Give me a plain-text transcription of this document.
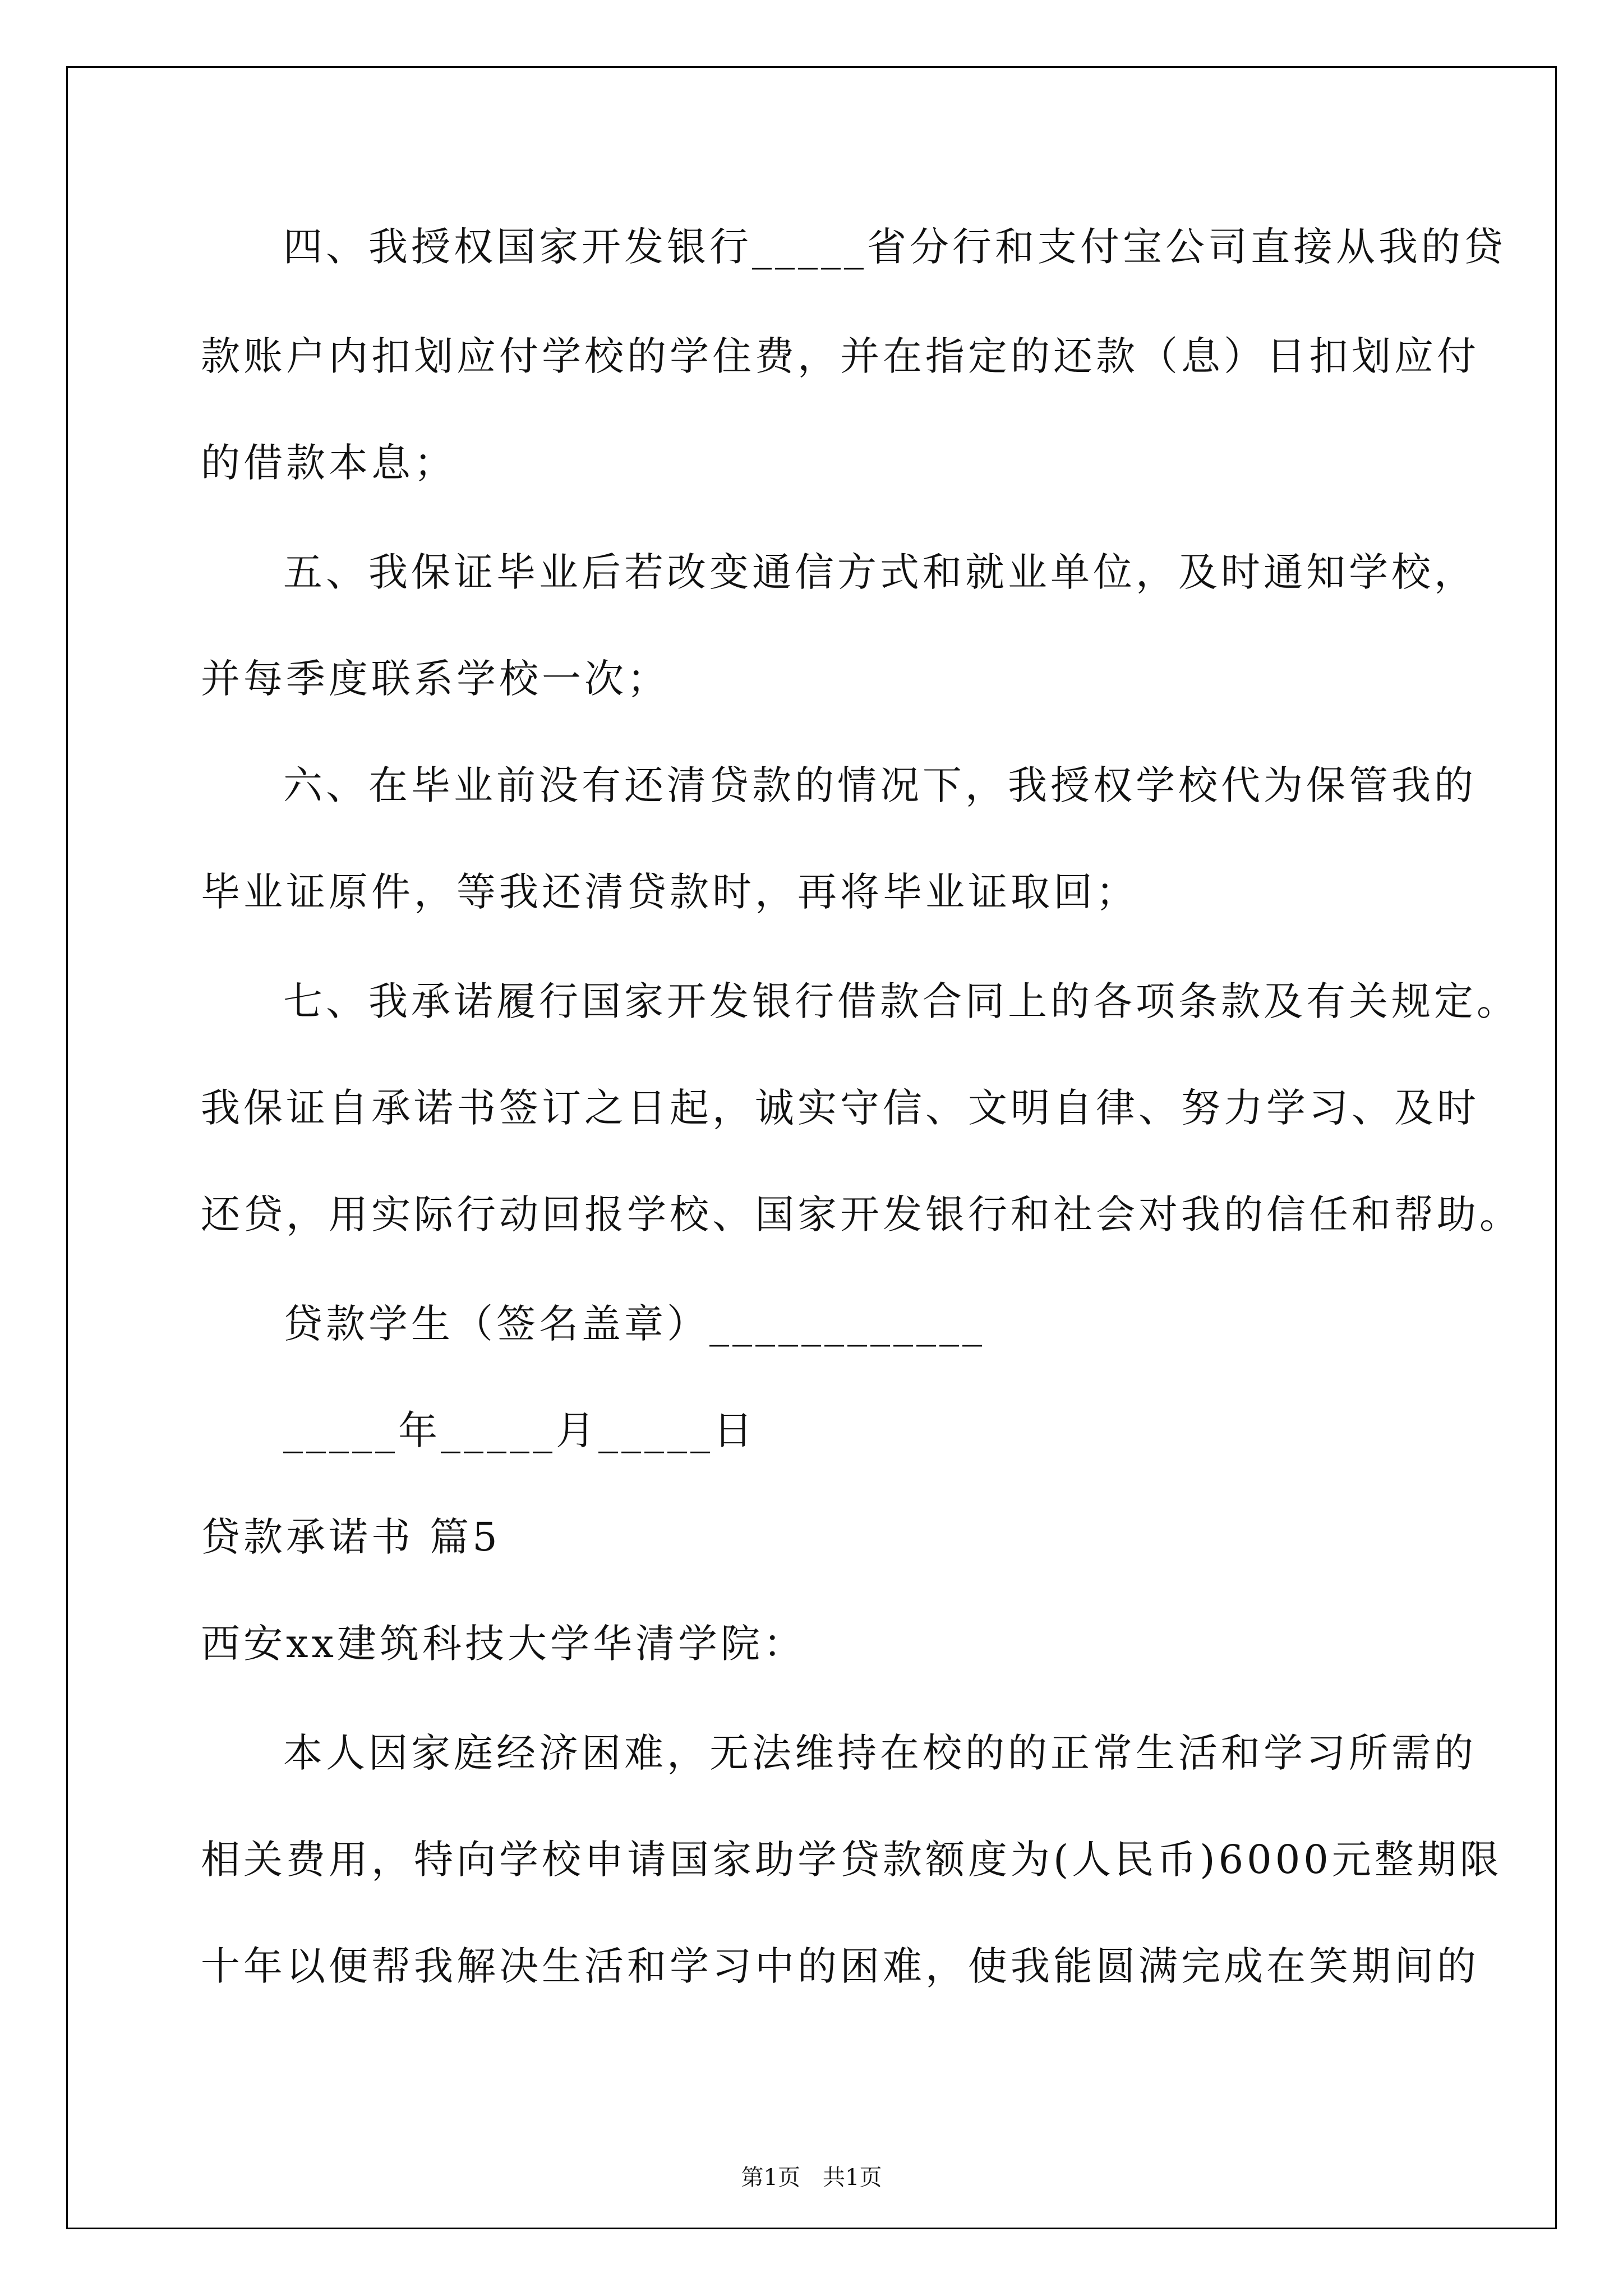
四、我授权国家开发银行_____省分行和支付宝公司直接从我的贷
款账户内扣划应付学校的学住费，并在指定的还款（息）日扣划应付
的借款本息；
五、我保证毕业后若改变通信方式和就业单位，及时通知学校，
并每季度联系学校一次；
六、在毕业前没有还清贷款的情况下，我授权学校代为保管我的
毕业证原件，等我还清贷款时，再将毕业证取回；
七、我承诺履行国家开发银行借款合同上的各项条款及有关规定。
我保证自承诺书签订之日起，诚实守信、文明自律、努力学习、及时
还贷，用实际行动回报学校、国家开发银行和社会对我的信任和帮助。
贷款学生（签名盖章）____________
_____年_____月_____日
贷款承诺书 篇5
西安xx建筑科技大学华清学院：
本人因家庭经济困难，无法维持在校的的正常生活和学习所需的
相关费用，特向学校申请国家助学贷款额度为(人民币)6000元整期限
十年以便帮我解决生活和学习中的困难，使我能圆满完成在笑期间的
第1页　共1页
